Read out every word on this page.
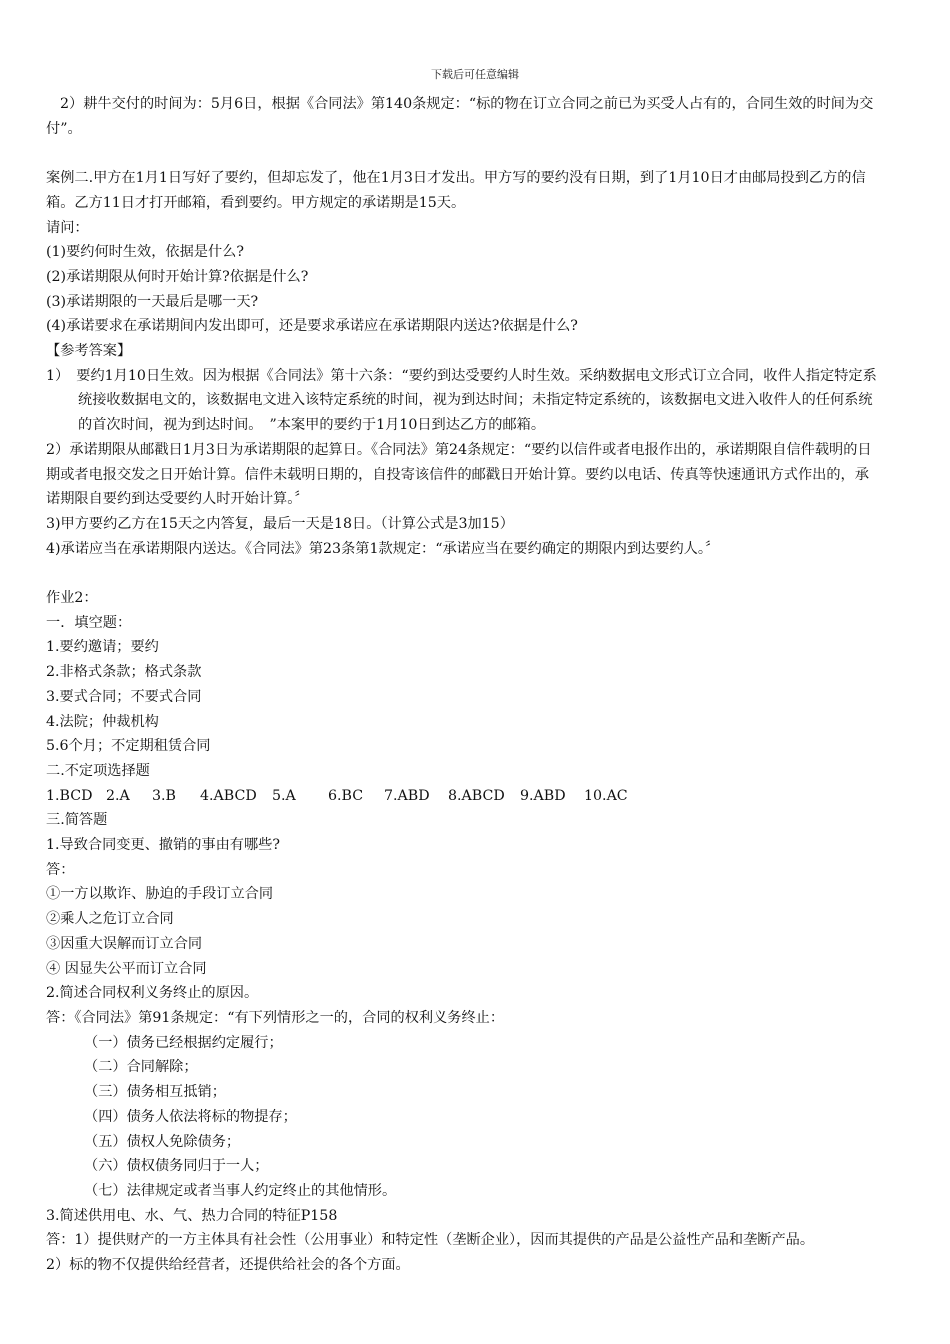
下载后可任意编辑

2）耕牛交付的时间为：5月6日，根据《合同法》第140条规定：“标的物在订立合同之前已为买受人占有的，合同生效的时间为交付”。

案例二.甲方在1月1日写好了要约，但却忘发了，他在1月3日才发出。甲方写的要约没有日期，到了1月10日才由邮局投到乙方的信箱。乙方11日才打开邮箱，看到要约。甲方规定的承诺期是15天。

请问：

(1)要约何时生效，依据是什么?

(2)承诺期限从何时开始计算?依据是什么?

(3)承诺期限的一天最后是哪一天?

(4)承诺要求在承诺期间内发出即可，还是要求承诺应在承诺期限内送达?依据是什么?

【参考答案】

1）　要约1月10日生效。因为根据《合同法》第十六条：“要约到达受要约人时生效。采纳数据电文形式订立合同，收件人指定特定系统接收数据电文的，该数据电文进入该特定系统的时间，视为到达时间；未指定特定系统的，该数据电文进入收件人的任何系统的首次时间，视为到达时间。　”本案甲的要约于1月10日到达乙方的邮箱。

2）承诺期限从邮戳日1月3日为承诺期限的起算日。《合同法》第24条规定：“要约以信件或者电报作出的，承诺期限自信件载明的日期或者电报交发之日开始计算。信件未载明日期的，自投寄该信件的邮戳日开始计算。要约以电话、传真等快速通讯方式作出的，承诺期限自要约到达受要约人时开始计算。〞

3)甲方要约乙方在15天之内答复，最后一天是18日。（计算公式是3加15）

4)承诺应当在承诺期限内送达。《合同法》第23条第1款规定：“承诺应当在要约确定的期限内到达要约人。〞

作业2：

一．填空题：

1.要约邀请；要约

2.非格式条款；格式条款

3.要式合同；不要式合同

4.法院；仲裁机构

5.6个月；不定期租赁合同

二.不定项选择题

1.BCD 2.A	3.B	4.ABCD	5.A	6.BC	7.ABD	8.ABCD	9.ABD	10.AC

三.简答题

1.导致合同变更、撤销的事由有哪些?

答：

①一方以欺诈、胁迫的手段订立合同

②乘人之危订立合同

③因重大误解而订立合同

④ 因显失公平而订立合同

2.简述合同权利义务终止的原因。

答：《合同法》第91条规定：“有下列情形之一的，合同的权利义务终止：

（一）债务已经根据约定履行；

（二）合同解除；

（三）债务相互抵销；

（四）债务人依法将标的物提存；

（五）债权人免除债务；

（六）债权债务同归于一人；

（七）法律规定或者当事人约定终止的其他情形。

3.简述供用电、水、气、热力合同的特征P158

答：1）提供财产的一方主体具有社会性（公用事业）和特定性（垄断企业），因而其提供的产品是公益性产品和垄断产品。

2）标的物不仅提供给经营者，还提供给社会的各个方面。
